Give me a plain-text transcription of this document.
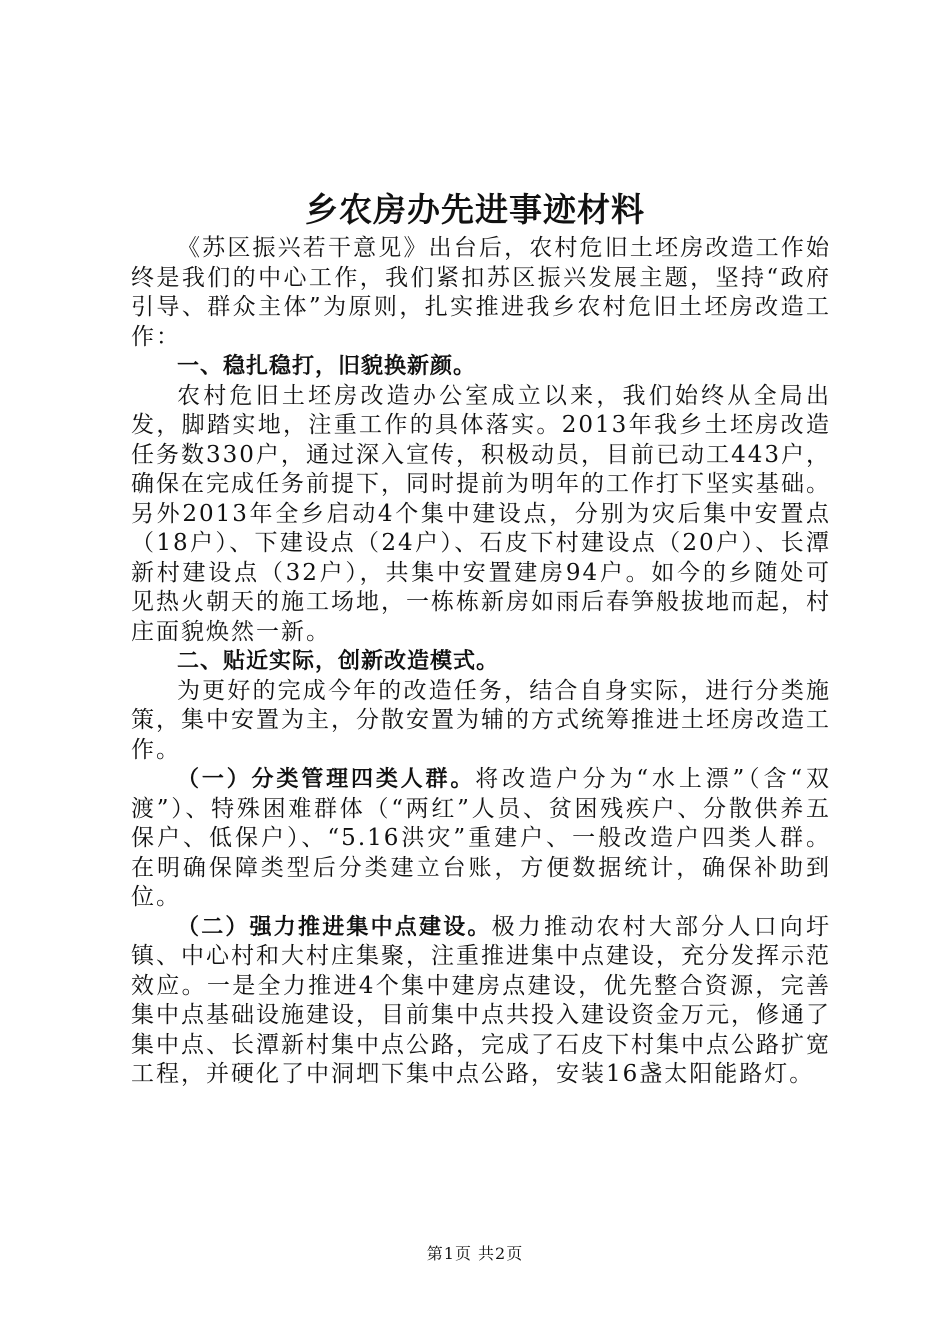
乡农房办先进事迹材料

《苏区振兴若干意见》出台后，农村危旧土坯房改造工作始终是我们的中心工作，我们紧扣苏区振兴发展主题，坚持“政府引导、群众主体”为原则，扎实推进我乡农村危旧土坯房改造工作：

一、稳扎稳打，旧貌换新颜。

农村危旧土坯房改造办公室成立以来，我们始终从全局出发，脚踏实地，注重工作的具体落实。2013年我乡土坯房改造任务数330户，通过深入宣传，积极动员，目前已动工443户，确保在完成任务前提下，同时提前为明年的工作打下坚实基础。另外2013年全乡启动4个集中建设点，分别为灾后集中安置点（18户）、下建设点（24户）、石皮下村建设点（20户）、长潭新村建设点（32户），共集中安置建房94户。如今的乡随处可见热火朝天的施工场地，一栋栋新房如雨后春笋般拔地而起，村庄面貌焕然一新。

二、贴近实际，创新改造模式。

为更好的完成今年的改造任务，结合自身实际，进行分类施策，集中安置为主，分散安置为辅的方式统筹推进土坯房改造工作。

（一）分类管理四类人群。将改造户分为“水上漂”（含“双渡”）、特殊困难群体（“两红”人员、贫困残疾户、分散供养五保户、低保户）、“5.16洪灾”重建户、一般改造户四类人群。在明确保障类型后分类建立台账，方便数据统计，确保补助到位。

（二）强力推进集中点建设。极力推动农村大部分人口向圩镇、中心村和大村庄集聚，注重推进集中点建设，充分发挥示范效应。一是全力推进4个集中建房点建设，优先整合资源，完善集中点基础设施建设，目前集中点共投入建设资金万元，修通了集中点、长潭新村集中点公路，完成了石皮下村集中点公路扩宽工程，并硬化了中洞垇下集中点公路，安装16盏太阳能路灯。

第1页 共2页
